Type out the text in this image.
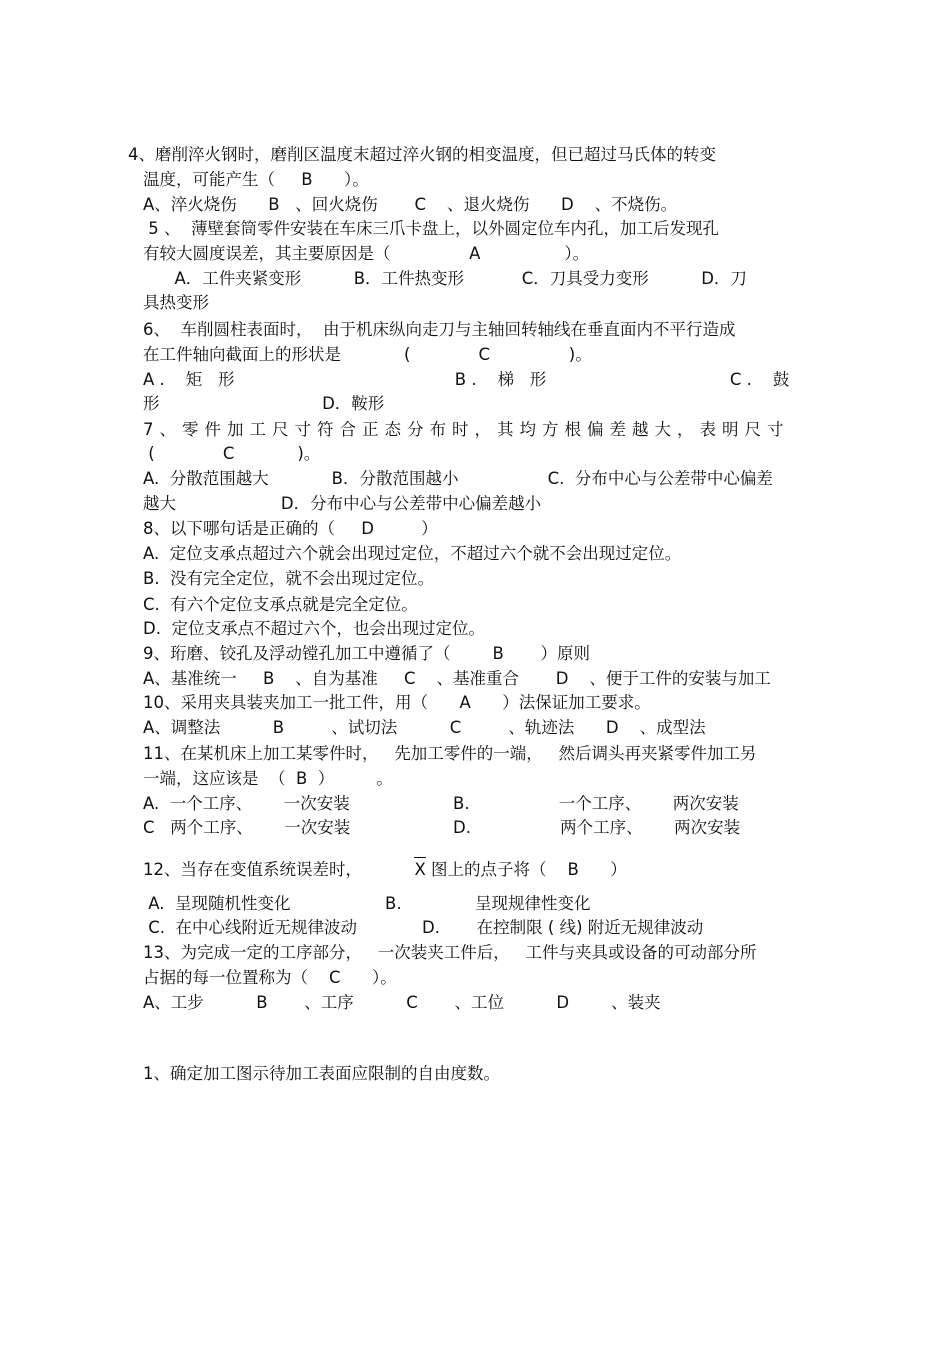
4、磨削淬火钢时，磨削区温度末超过淬火钢的相变温度，但已超过马氏体的转变
温度，可能产生（     B      ）。
A、淬火烧伤      B   、回火烧伤       C    、退火烧伤      D    、不烧伤。
5 、  薄壁套筒零件安装在车床三爪卡盘上，以外圆定位车内孔，加工后发现孔
有较大圆度误差，其主要原因是（               A                ）。
A．工件夹紧变形          B．工件热变形           C．刀具受力变形          D．刀
具热变形
6、  车削圆柱表面时，  由于机床纵向走刀与主轴回转轴线在垂直面内不平行造成
在工件轴向截面上的形状是            (             C               )。
A .    矩   形                                          B .    梯   形                                   C .    鼓
形                               D．鞍形
7、零件加工尺寸符合正态分布时，其均方根偏差越大，表明尺寸
(             C            )。
A.  分散范围越大            B．分散范围越小                 C.  分布中心与公差带中心偏差
越大                    D．分布中心与公差带中心偏差越小
8、以下哪句话是正确的（     D         ）
A.  定位支承点超过六个就会出现过定位，不超过六个就不会出现过定位。
B.  没有完全定位，就不会出现过定位。
C.  有六个定位支承点就是完全定位。
D.  定位支承点不超过六个，也会出现过定位。
9、珩磨、铰孔及浮动镗孔加工中遵循了（        B       ）原则
A、基准统一     B    、自为基准     C    、基准重合       D    、便于工件的安装与加工
10、采用夹具装夹加工一批工件，用（      A      ）法保证加工要求。
A、调整法          B         、试切法          C         、轨迹法      D    、成型法
11、在某机床上加工某零件时，   先加工零件的一端，   然后调头再夹紧零件加工另
一端，这应该是  （  B  ）        。
A.  一个工序、      一次安装	B.                 一个工序、      两次安装
C   两个工序、      一次安装	D.                 两个工序、      两次安装
12、当存在变值系统误差时，          X 图上的点子将（    B      ）
A.  呈现随机性变化	B.              呈现规律性变化
C.  在中心线附近无规律波动	D.       在控制限 ( 线) 附近无规律波动
13、为完成一定的工序部分，   一次装夹工件后，   工件与夹具或设备的可动部分所
占据的每一位置称为（    C      ）。
A、工步          B       、工序          C       、工位          D        、装夹
1、确定加工图示待加工表面应限制的自由度数。
